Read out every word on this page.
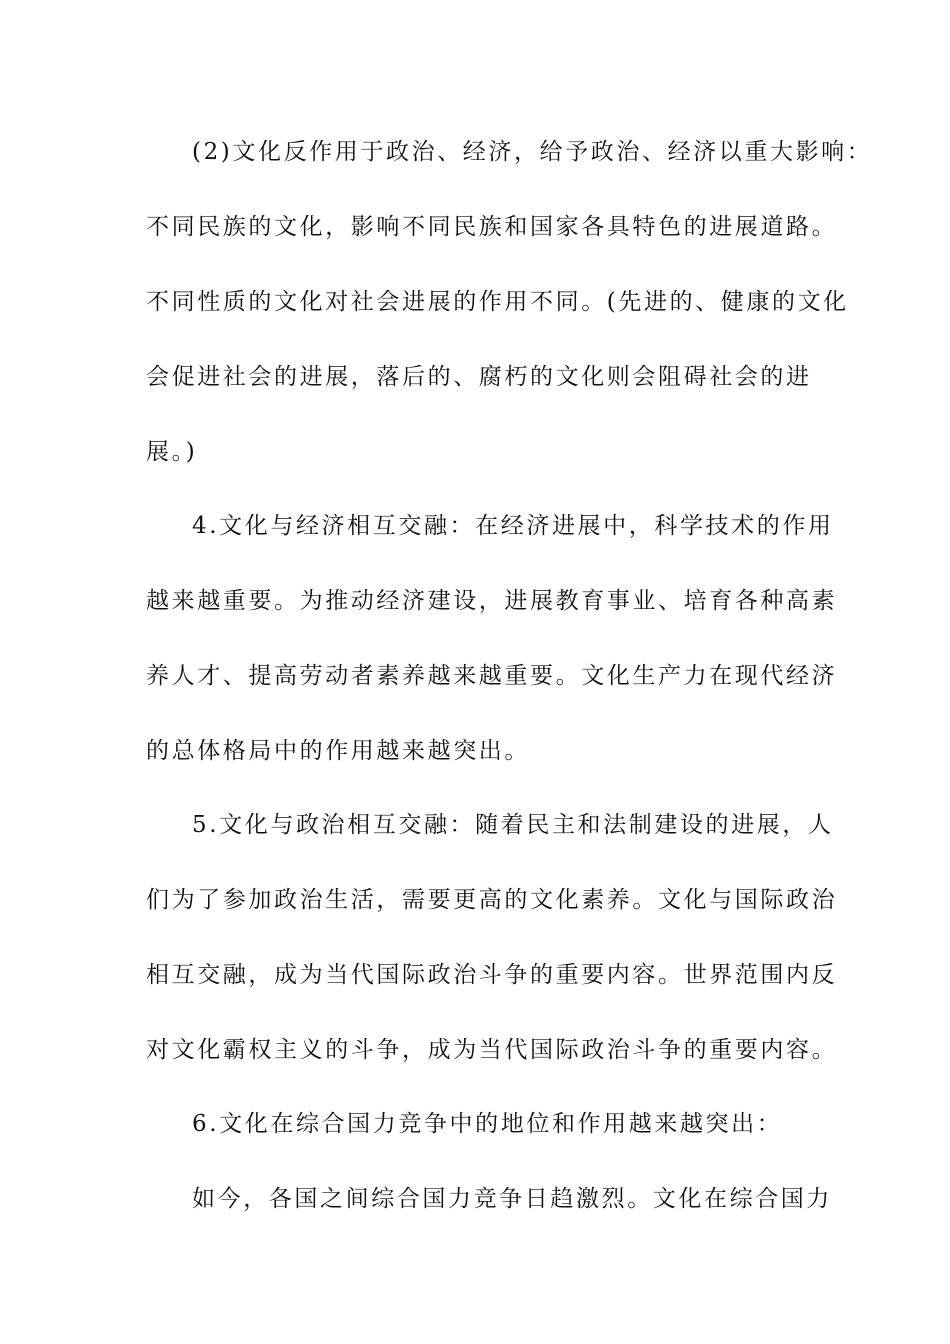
(2)文化反作用于政治、经济，给予政治、经济以重大影响：
不同民族的文化，影响不同民族和国家各具特色的进展道路。
不同性质的文化对社会进展的作用不同。(先进的、健康的文化
会促进社会的进展，落后的、腐朽的文化则会阻碍社会的进
展。)
4.文化与经济相互交融：在经济进展中，科学技术的作用
越来越重要。为推动经济建设，进展教育事业、培育各种高素
养人才、提高劳动者素养越来越重要。文化生产力在现代经济
的总体格局中的作用越来越突出。
5.文化与政治相互交融：随着民主和法制建设的进展，人
们为了参加政治生活，需要更高的文化素养。文化与国际政治
相互交融，成为当代国际政治斗争的重要内容。世界范围内反
对文化霸权主义的斗争，成为当代国际政治斗争的重要内容。
6.文化在综合国力竞争中的地位和作用越来越突出：
如今，各国之间综合国力竞争日趋激烈。文化在综合国力
